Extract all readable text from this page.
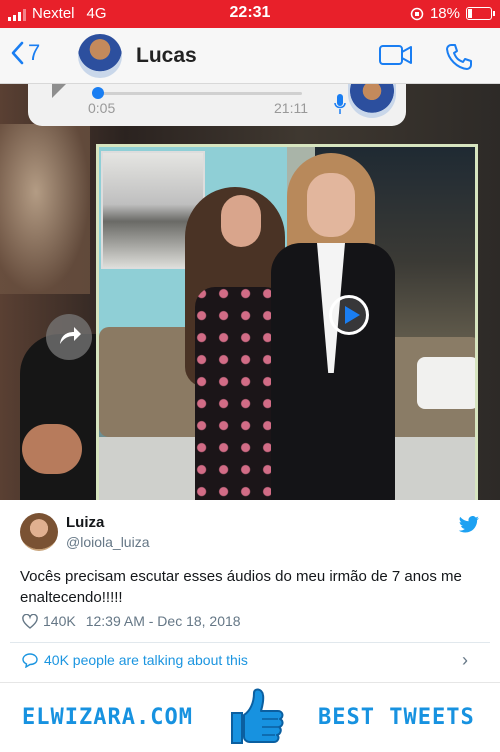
Nextel 4G	22:31	18%
7	Lucas
0:05	21:11
Luiza
@loiola_luiza
Vocês precisam escutar esses áudios do meu irmão de 7 anos me enaltecendo!!!!!
140K 12:39 AM - Dec 18, 2018
40K people are talking about this	›
ELWIZARA.COM	BEST TWEETS
